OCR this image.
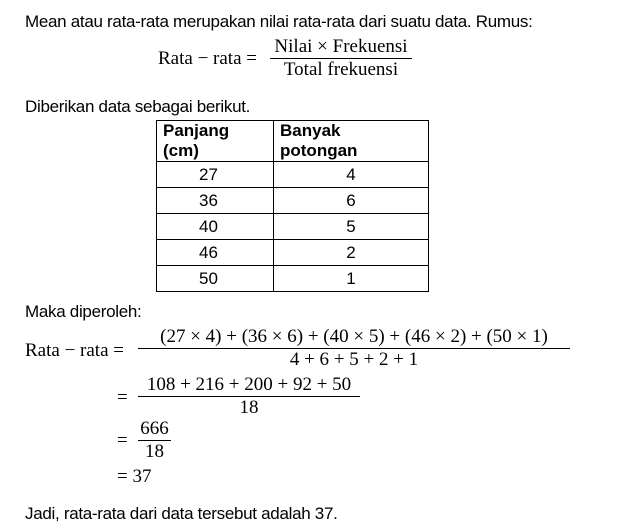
Mean atau rata-rata merupakan nilai rata-rata dari suatu data. Rumus:
Rata − rata =
Nilai × Frekuensi
Total frekuensi
Diberikan data sebagai berikut.
Panjang (cm)	Banyak potongan
27	4
36	6
40	5
46	2
50	1
Maka diperoleh:
Rata − rata =
(27 × 4) + (36 × 6) + (40 × 5) + (46 × 2) + (50 × 1)
4 + 6 + 5 + 2 + 1
=
108 + 216 + 200 + 92 + 50
18
=
666
18
= 37
Jadi, rata-rata dari data tersebut adalah 37.
